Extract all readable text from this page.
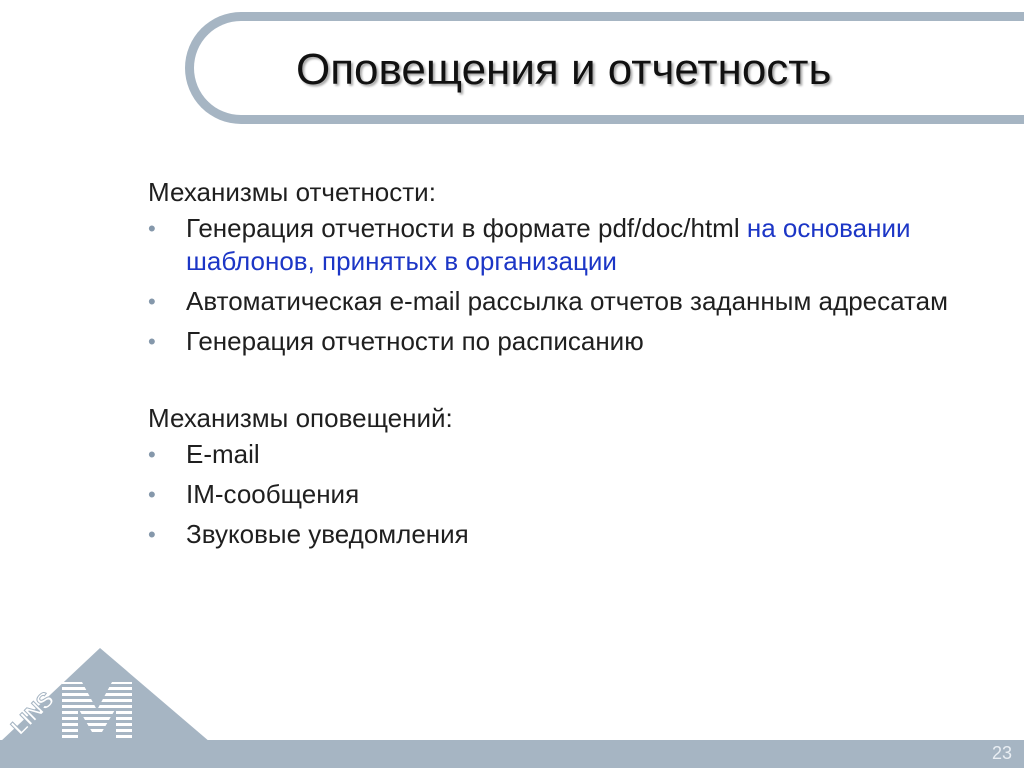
Оповещения и отчетность
Механизмы отчетности:
• Генерация отчетности в формате pdf/doc/html на основании шаблонов, принятых в организации
• Автоматическая e-mail рассылка отчетов заданным адресатам
• Генерация отчетности по расписанию
Механизмы оповещений:
• E-mail
• IM-сообщения
• Звуковые уведомления
LINS
23
